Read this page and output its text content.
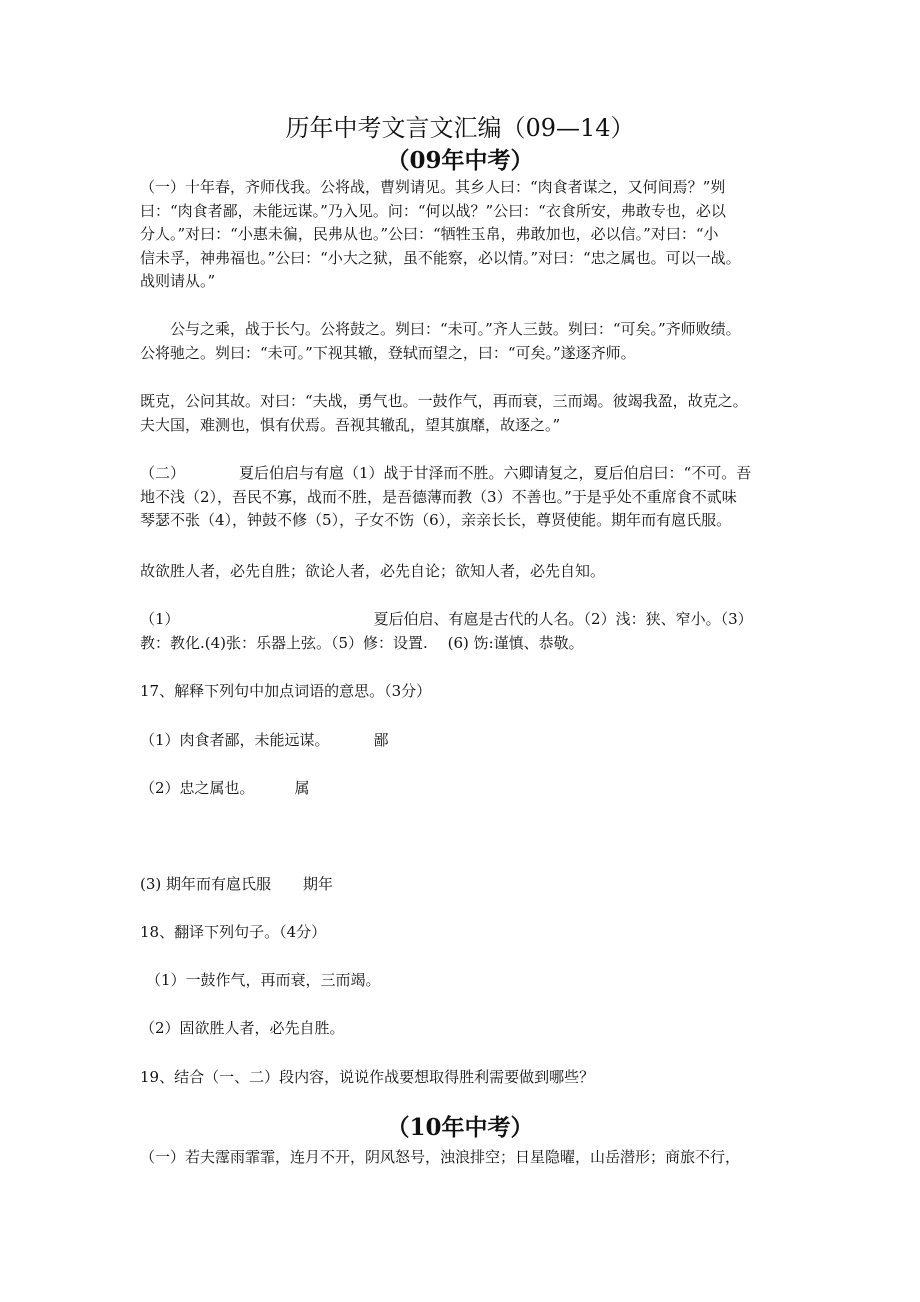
历年中考文言文汇编（09—14）
（09年中考）
（一）十年春，齐师伐我。公将战，曹刿请见。其乡人曰：“肉食者谋之，又何间焉？”刿
曰：“肉食者鄙，未能远谋。”乃入见。问：“何以战？”公曰：“衣食所安，弗敢专也，必以
分人。”对曰：“小惠未徧，民弗从也。”公曰：“牺牲玉帛，弗敢加也，必以信。”对曰：“小
信未孚，神弗福也。”公曰：“小大之狱，虽不能察，必以情。”对曰：“忠之属也。可以一战。
战则请从。”
公与之乘，战于长勺。公将鼓之。刿曰：“未可。”齐人三鼓。刿曰：“可矣。”齐师败绩。
公将驰之。刿曰：“未可。”下视其辙，登轼而望之，曰：“可矣。”遂逐齐师。
既克，公问其故。对曰：“夫战，勇气也。一鼓作气，再而衰，三而竭。彼竭我盈，故克之。
夫大国，难测也，惧有伏焉。吾视其辙乱，望其旗靡，故逐之。”
（二）	夏后伯启与有扈（1）战于甘泽而不胜。六卿请复之，夏后伯启曰：“不可。吾
地不浅（2），吾民不寡，战而不胜，是吾德薄而教（3）不善也。”于是乎处不重席食不贰味
琴瑟不张（4），钟鼓不修（5），子女不饬（6），亲亲长长，尊贤使能。期年而有扈氏服。

故欲胜人者，必先自胜；欲论人者，必先自论；欲知人者，必先自知。

（1）	夏后伯启、有扈是古代的人名。（2）浅：狭、窄小。（3）
教：教化.(4)张：乐器上弦。（5）修：设置.　 (6) 饬:谨慎、恭敬。

17、解释下列句中加点词语的意思。（3分）

（1）肉食者鄙，未能远谋。	鄙

（2）忠之属也。	属

(3) 期年而有扈氏服 期年

18、翻译下列句子。（4分）

（1）一鼓作气，再而衰，三而竭。

（2）固欲胜人者，必先自胜。

19、结合（一、二）段内容，说说作战要想取得胜利需要做到哪些？

（10年中考）

（一）若夫霪雨霏霏，连月不开，阴风怒号，浊浪排空；日星隐曜，山岳潜形；商旅不行，
